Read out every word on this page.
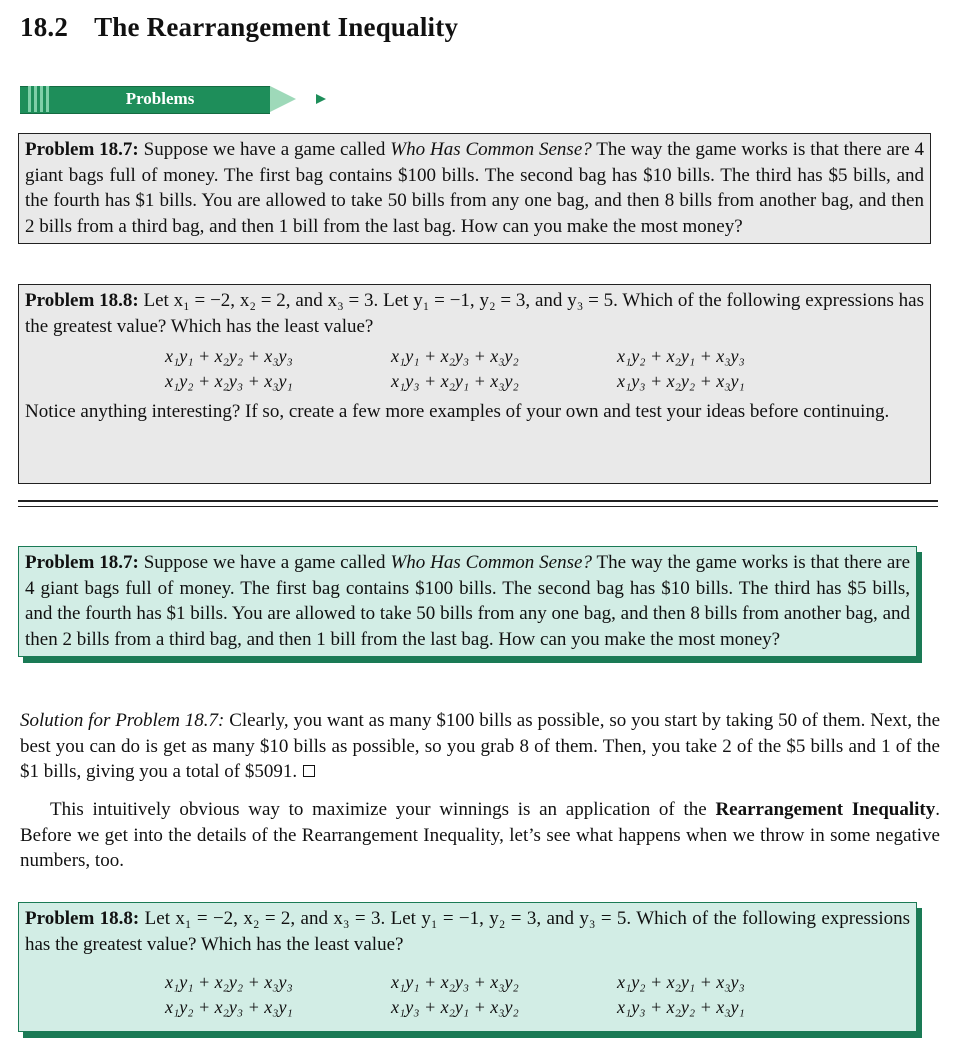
18.2 The Rearrangement Inequality
Problems

Problem 18.7: Suppose we have a game called Who Has Common Sense? The way the game works is that there are 4 giant bags full of money. The first bag contains $100 bills. The second bag has $10 bills. The third has $5 bills, and the fourth has $1 bills. You are allowed to take 50 bills from any one bag, and then 8 bills from another bag, and then 2 bills from a third bag, and then 1 bill from the last bag. How can you make the most money?

Problem 18.8: Let x₁ = −2, x₂ = 2, and x₃ = 3. Let y₁ = −1, y₂ = 3, and y₃ = 5. Which of the following expressions has the greatest value? Which has the least value?

x₁y₁ + x₂y₂ + x₃y₃	x₁y₁ + x₂y₃ + x₃y₂	x₁y₂ + x₂y₁ + x₃y₃
x₁y₂ + x₂y₃ + x₃y₁	x₁y₃ + x₂y₁ + x₃y₂	x₁y₃ + x₂y₂ + x₃y₁

Notice anything interesting? If so, create a few more examples of your own and test your ideas before continuing.

Problem 18.7: Suppose we have a game called Who Has Common Sense? The way the game works is that there are 4 giant bags full of money. The first bag contains $100 bills. The second bag has $10 bills. The third has $5 bills, and the fourth has $1 bills. You are allowed to take 50 bills from any one bag, and then 8 bills from another bag, and then 2 bills from a third bag, and then 1 bill from the last bag. How can you make the most money?

Solution for Problem 18.7: Clearly, you want as many $100 bills as possible, so you start by taking 50 of them. Next, the best you can do is get as many $10 bills as possible, so you grab 8 of them. Then, you take 2 of the $5 bills and 1 of the $1 bills, giving you a total of $5091.

This intuitively obvious way to maximize your winnings is an application of the Rearrangement Inequality. Before we get into the details of the Rearrangement Inequality, let’s see what happens when we throw in some negative numbers, too.

Problem 18.8: Let x₁ = −2, x₂ = 2, and x₃ = 3. Let y₁ = −1, y₂ = 3, and y₃ = 5. Which of the following expressions has the greatest value? Which has the least value?

x₁y₁ + x₂y₂ + x₃y₃	x₁y₁ + x₂y₃ + x₃y₂	x₁y₂ + x₂y₁ + x₃y₃
x₁y₂ + x₂y₃ + x₃y₁	x₁y₃ + x₂y₁ + x₃y₂	x₁y₃ + x₂y₂ + x₃y₁
